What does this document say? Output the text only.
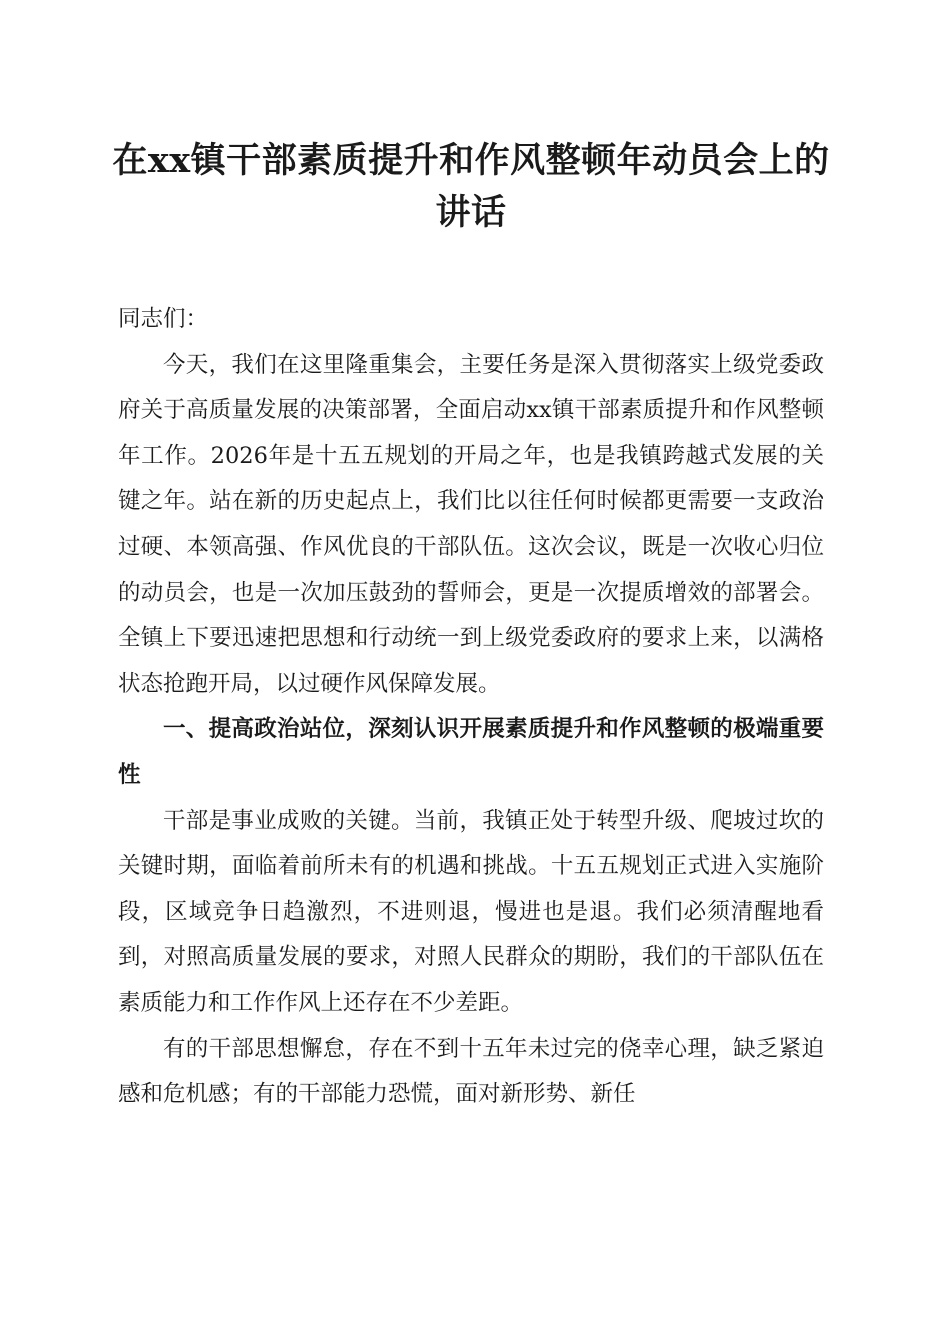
在xx镇干部素质提升和作风整顿年动员会上的讲话

同志们：

今天，我们在这里隆重集会，主要任务是深入贯彻落实上级党委政府关于高质量发展的决策部署，全面启动xx镇干部素质提升和作风整顿年工作。2026年是十五五规划的开局之年，也是我镇跨越式发展的关键之年。站在新的历史起点上，我们比以往任何时候都更需要一支政治过硬、本领高强、作风优良的干部队伍。这次会议，既是一次收心归位的动员会，也是一次加压鼓劲的誓师会，更是一次提质增效的部署会。全镇上下要迅速把思想和行动统一到上级党委政府的要求上来，以满格状态抢跑开局，以过硬作风保障发展。

一、提高政治站位，深刻认识开展素质提升和作风整顿的极端重要性

干部是事业成败的关键。当前，我镇正处于转型升级、爬坡过坎的关键时期，面临着前所未有的机遇和挑战。十五五规划正式进入实施阶段，区域竞争日趋激烈，不进则退，慢进也是退。我们必须清醒地看到，对照高质量发展的要求，对照人民群众的期盼，我们的干部队伍在素质能力和工作作风上还存在不少差距。

有的干部思想懈怠，存在不到十五年未过完的侥幸心理，缺乏紧迫感和危机感；有的干部能力恐慌，面对新形势、新任
